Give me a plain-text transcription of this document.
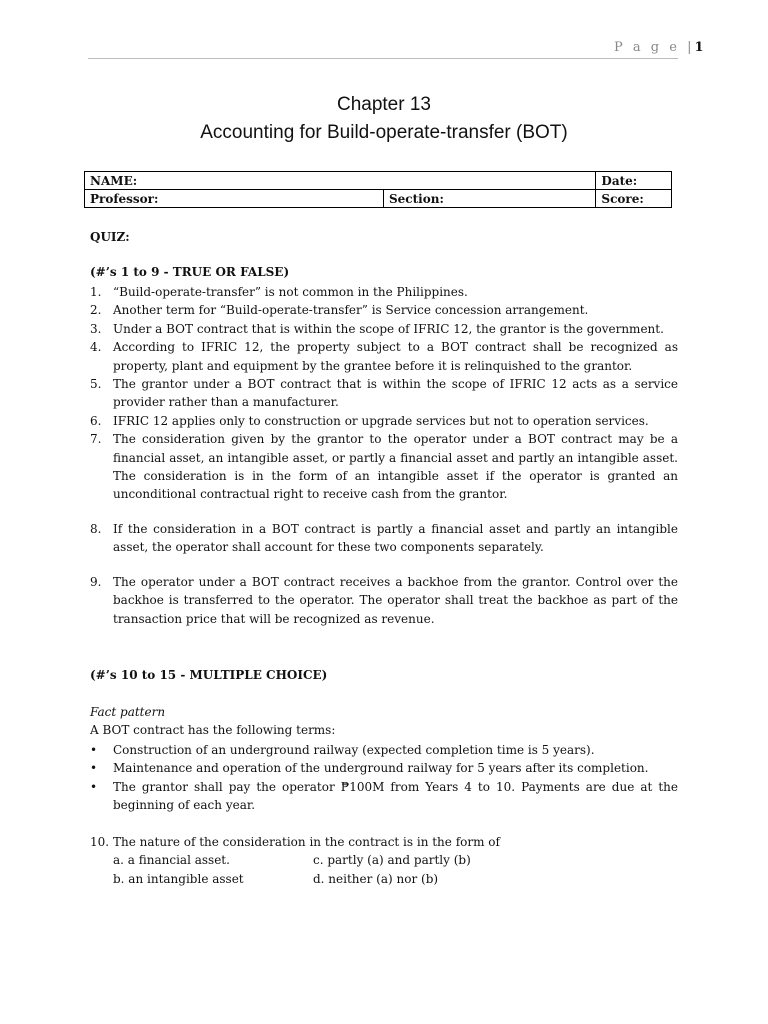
P a g e |1
Chapter 13
Accounting for Build-operate-transfer (BOT)
NAME:		Date:
Professor:	Section:	Score:
QUIZ:
(#’s 1 to 9 - TRUE OR FALSE)
1. “Build-operate-transfer” is not common in the Philippines.
2. Another term for “Build-operate-transfer” is Service concession arrangement.
3. Under a BOT contract that is within the scope of IFRIC 12, the grantor is the government.
4. According to IFRIC 12, the property subject to a BOT contract shall be recognized as property, plant and equipment by the grantee before it is relinquished to the grantor.
5. The grantor under a BOT contract that is within the scope of IFRIC 12 acts as a service provider rather than a manufacturer.
6. IFRIC 12 applies only to construction or upgrade services but not to operation services.
7. The consideration given by the grantor to the operator under a BOT contract may be a financial asset, an intangible asset, or partly a financial asset and partly an intangible asset. The consideration is in the form of an intangible asset if the operator is granted an unconditional contractual right to receive cash from the grantor.
8. If the consideration in a BOT contract is partly a financial asset and partly an intangible asset, the operator shall account for these two components separately.
9. The operator under a BOT contract receives a backhoe from the grantor. Control over the backhoe is transferred to the operator. The operator shall treat the backhoe as part of the transaction price that will be recognized as revenue.
(#’s 10 to 15 - MULTIPLE CHOICE)
Fact pattern
A BOT contract has the following terms:
• Construction of an underground railway (expected completion time is 5 years).
• Maintenance and operation of the underground railway for 5 years after its completion.
• The grantor shall pay the operator ₱100M from Years 4 to 10. Payments are due at the beginning of each year.
10. The nature of the consideration in the contract is in the form of
a. a financial asset.	c. partly (a) and partly (b)
b. an intangible asset	d. neither (a) nor (b)
